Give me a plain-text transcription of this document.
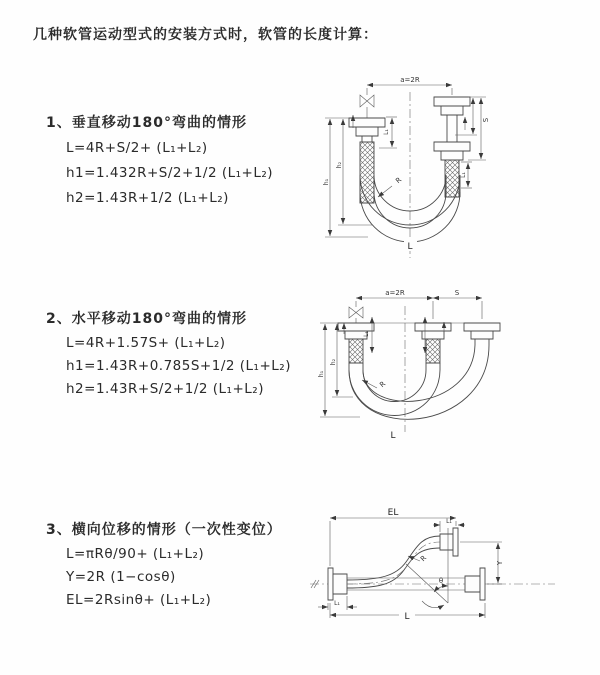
几种软管运动型式的安装方式时，软管的长度计算：
1、垂直移动180°弯曲的情形
L=4R+S/2+ (L₁+L₂)
h1=1.432R+S/2+1/2 (L₁+L₂)
h2=1.43R+1/2 (L₁+L₂)
2、水平移动180°弯曲的情形
L=4R+1.57S+ (L₁+L₂)
h1=1.43R+0.785S+1/2 (L₁+L₂)
h2=1.43R+S/2+1/2 (L₁+L₂)
3、横向位移的情形（一次性变位）
L=πRθ/90+ (L₁+L₂)
Y=2R (1−cosθ)
EL=2Rsinθ+ (L₁+L₂)
a=2R
S
L₁
L₁
h₂
h₁	R
L
a=2R	S
L₁
h₂
h₁
R
L
EL
L₁
Y
θ
R
L₁
L
